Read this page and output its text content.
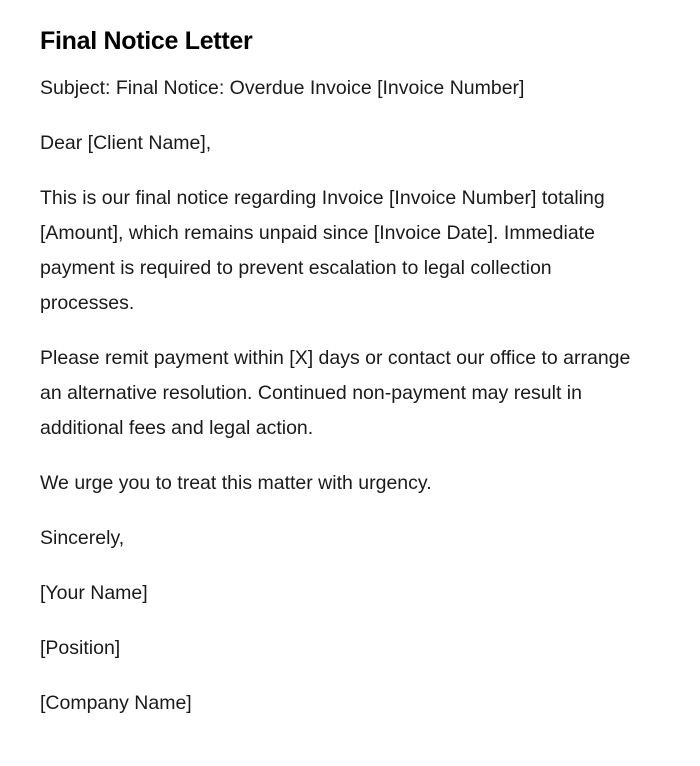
Final Notice Letter

Subject: Final Notice: Overdue Invoice [Invoice Number]

Dear [Client Name],

This is our final notice regarding Invoice [Invoice Number] totaling [Amount], which remains unpaid since [Invoice Date]. Immediate payment is required to prevent escalation to legal collection processes.

Please remit payment within [X] days or contact our office to arrange an alternative resolution. Continued non-payment may result in additional fees and legal action.

We urge you to treat this matter with urgency.

Sincerely,

[Your Name]

[Position]

[Company Name]
